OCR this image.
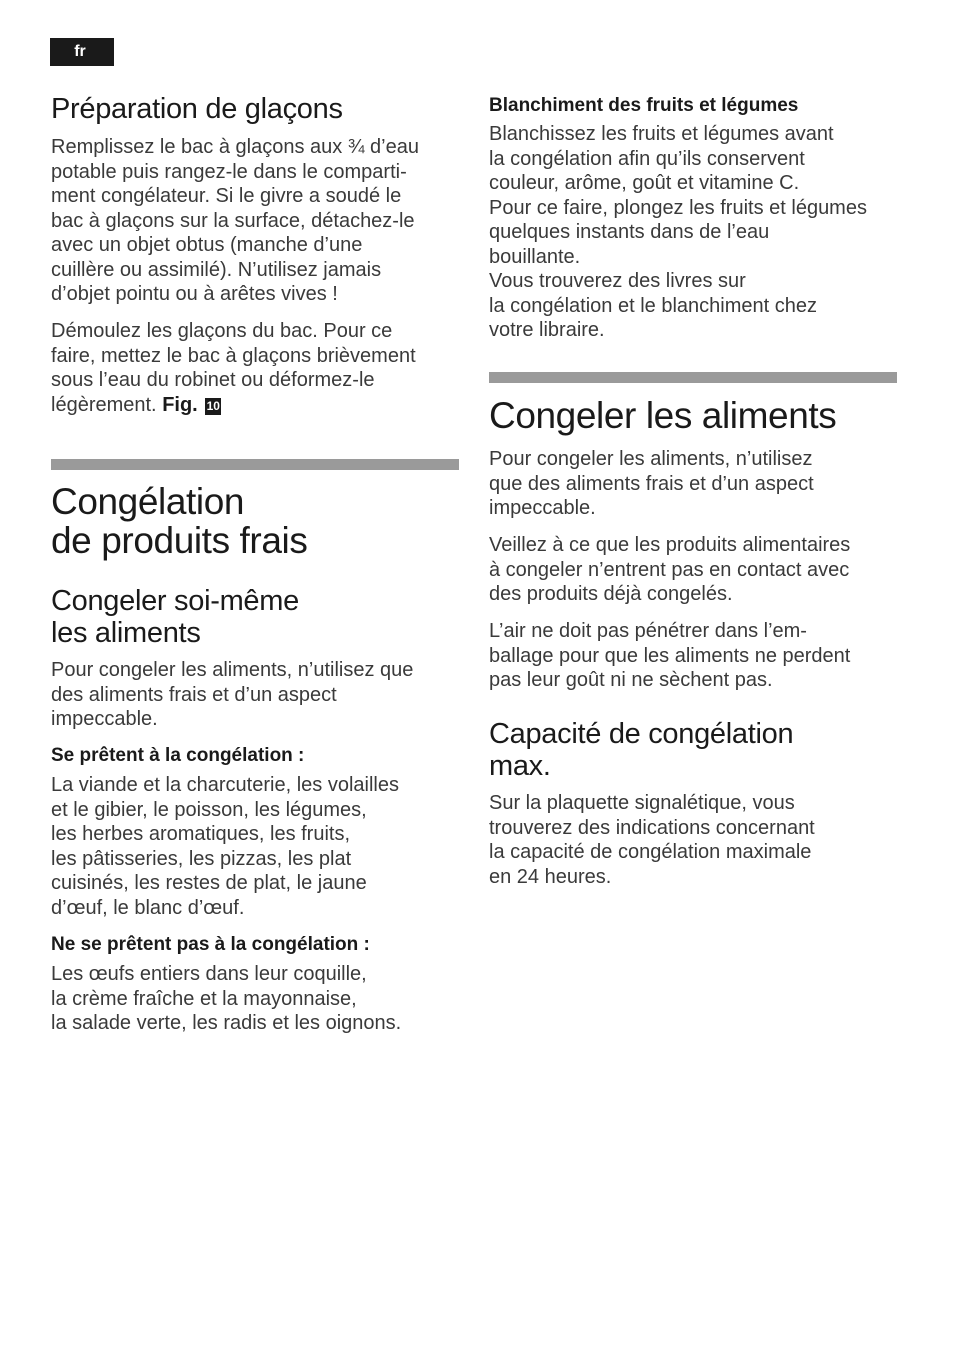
fr
Préparation de glaçons

Remplissez le bac à glaçons aux ¾ d’eau
potable puis rangez-le dans le comparti-
ment congélateur. Si le givre a soudé le
bac à glaçons sur la surface, détachez-le
avec un objet obtus (manche d’une
cuillère ou assimilé). N’utilisez jamais
d’objet pointu ou à arêtes vives !

Démoulez les glaçons du bac. Pour ce
faire, mettez le bac à glaçons brièvement
sous l’eau du robinet ou déformez-le
légèrement. Fig. 10

Congélation
de produits frais
Congeler soi-même
les aliments

Pour congeler les aliments, n’utilisez que
des aliments frais et d’un aspect
impeccable.

Se prêtent à la congélation :

La viande et la charcuterie, les volailles
et le gibier, le poisson, les légumes,
les herbes aromatiques, les fruits,
les pâtisseries, les pizzas, les plat
cuisinés, les restes de plat, le jaune
d’œuf, le blanc d’œuf.

Ne se prêtent pas à la congélation :

Les œufs entiers dans leur coquille,
la crème fraîche et la mayonnaise,
la salade verte, les radis et les oignons.

Blanchiment des fruits et légumes

Blanchissez les fruits et légumes avant
la congélation afin qu’ils conservent
couleur, arôme, goût et vitamine C.
Pour ce faire, plongez les fruits et légumes
quelques instants dans de l’eau
bouillante.
Vous trouverez des livres sur
la congélation et le blanchiment chez
votre libraire.

Congeler les aliments

Pour congeler les aliments, n’utilisez
que des aliments frais et d’un aspect
impeccable.

Veillez à ce que les produits alimentaires
à congeler n’entrent pas en contact avec
des produits déjà congelés.

L’air ne doit pas pénétrer dans l’em-
ballage pour que les aliments ne perdent
pas leur goût ni ne sèchent pas.

Capacité de congélation
max.

Sur la plaquette signalétique, vous
trouverez des indications concernant
la capacité de congélation maximale
en 24 heures.
